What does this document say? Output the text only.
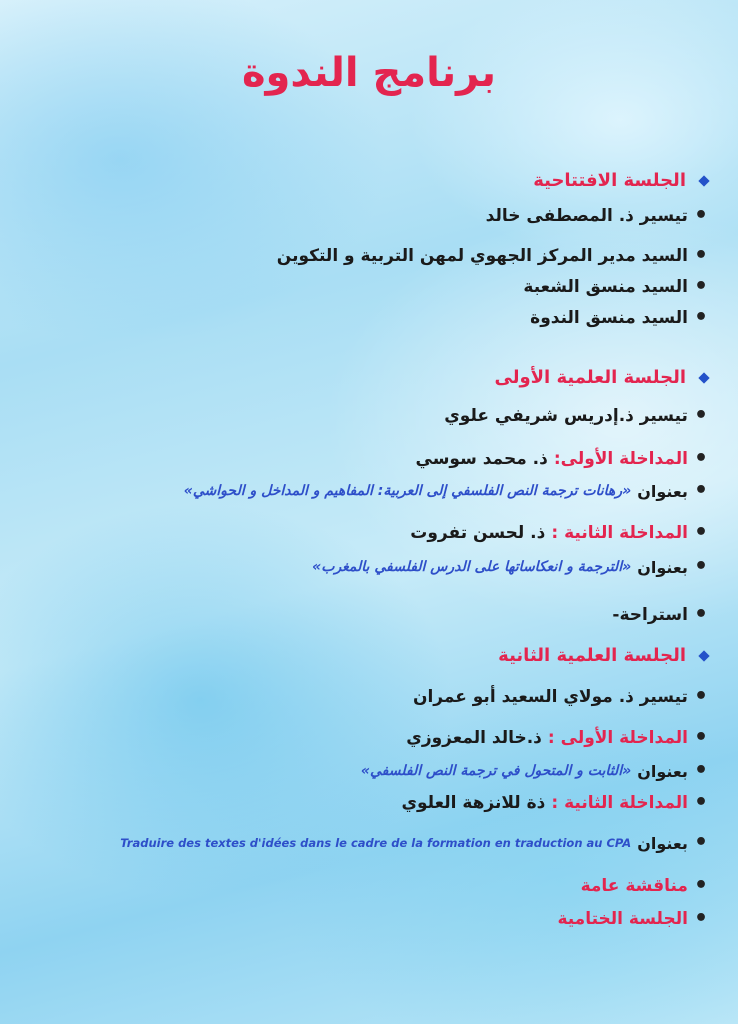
برنامج الندوة
الجلسة الافتتاحية
•
تيسير ذ. المصطفى خالد
•
السيد مدير المركز الجهوي لمهن التربية و التكوين
•
السيد منسق الشعبة
•
السيد منسق الندوة
الجلسة العلمية الأولى
•
تيسير ذ.إدريس شريفي علوي
•
المداخلة الأولى:
ذ. محمد سوسي
•
بعنوان
«رهانات ترجمة النص الفلسفي إلى العربية: المفاهيم و المداخل و الحواشي»
•
المداخلة الثانية :
ذ. لحسن تفروت
•
بعنوان
«الترجمة و انعكاساتها على الدرس الفلسفي بالمغرب»
•
استراحة-
الجلسة العلمية الثانية
•
تيسير ذ. مولاي السعيد أبو عمران
•
المداخلة الأولى :
ذ.خالد المعزوزي
•
بعنوان
«الثابت و المتحول في ترجمة النص الفلسفي»
•
المداخلة الثانية :
ذة للانزهة العلوي
•
بعنوان
Traduire des textes d'idées dans le cadre de la formation en traduction au CPA
•
مناقشة عامة
•
الجلسة الختامية
